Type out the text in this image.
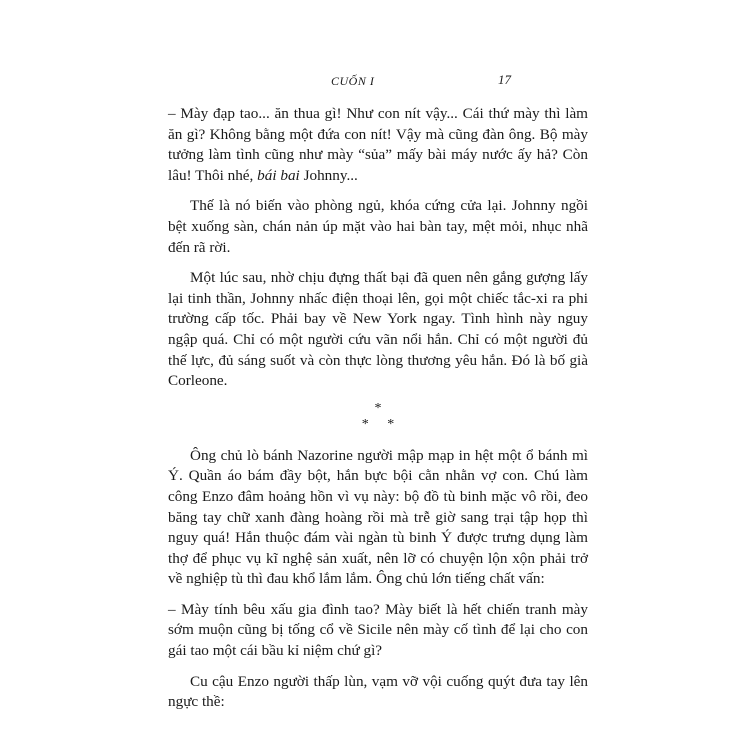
CUỐN I	17

– Mày đạp tao... ăn thua gì! Như con nít vậy... Cái thứ mày thì làm ăn gì? Không bằng một đứa con nít! Vậy mà cũng đàn ông. Bộ mày tưởng làm tình cũng như mày “sủa” mấy bài máy nước ấy hả? Còn lâu! Thôi nhé, bái bai Johnny...

Thế là nó biến vào phòng ngủ, khóa cứng cửa lại. Johnny ngồi bệt xuống sàn, chán nản úp mặt vào hai bàn tay, mệt mỏi, nhục nhã đến rã rời.

Một lúc sau, nhờ chịu đựng thất bại đã quen nên gắng gượng lấy lại tinh thần, Johnny nhấc điện thoại lên, gọi một chiếc tắc-xi ra phi trường cấp tốc. Phải bay về New York ngay. Tình hình này nguy ngập quá. Chỉ có một người cứu vãn nổi hắn. Chỉ có một người đủ thế lực, đủ sáng suốt và còn thực lòng thương yêu hắn. Đó là bố già Corleone.

*
* *

Ông chủ lò bánh Nazorine người mập mạp in hệt một ổ bánh mì Ý. Quần áo bám đầy bột, hắn bực bội cằn nhằn vợ con. Chú làm công Enzo đâm hoảng hồn vì vụ này: bộ đồ tù binh mặc vô rồi, đeo băng tay chữ xanh đàng hoàng rồi mà trễ giờ sang trại tập họp thì nguy quá! Hắn thuộc đám vài ngàn tù binh Ý được trưng dụng làm thợ để phục vụ kĩ nghệ sản xuất, nên lỡ có chuyện lộn xộn phải trở về nghiệp tù thì đau khổ lắm lắm. Ông chủ lớn tiếng chất vấn:

– Mày tính bêu xấu gia đình tao? Mày biết là hết chiến tranh mày sớm muộn cũng bị tống cổ về Sicile nên mày cố tình để lại cho con gái tao một cái bầu kỉ niệm chứ gì?

Cu cậu Enzo người thấp lùn, vạm vỡ vội cuống quýt đưa tay lên ngực thề:
